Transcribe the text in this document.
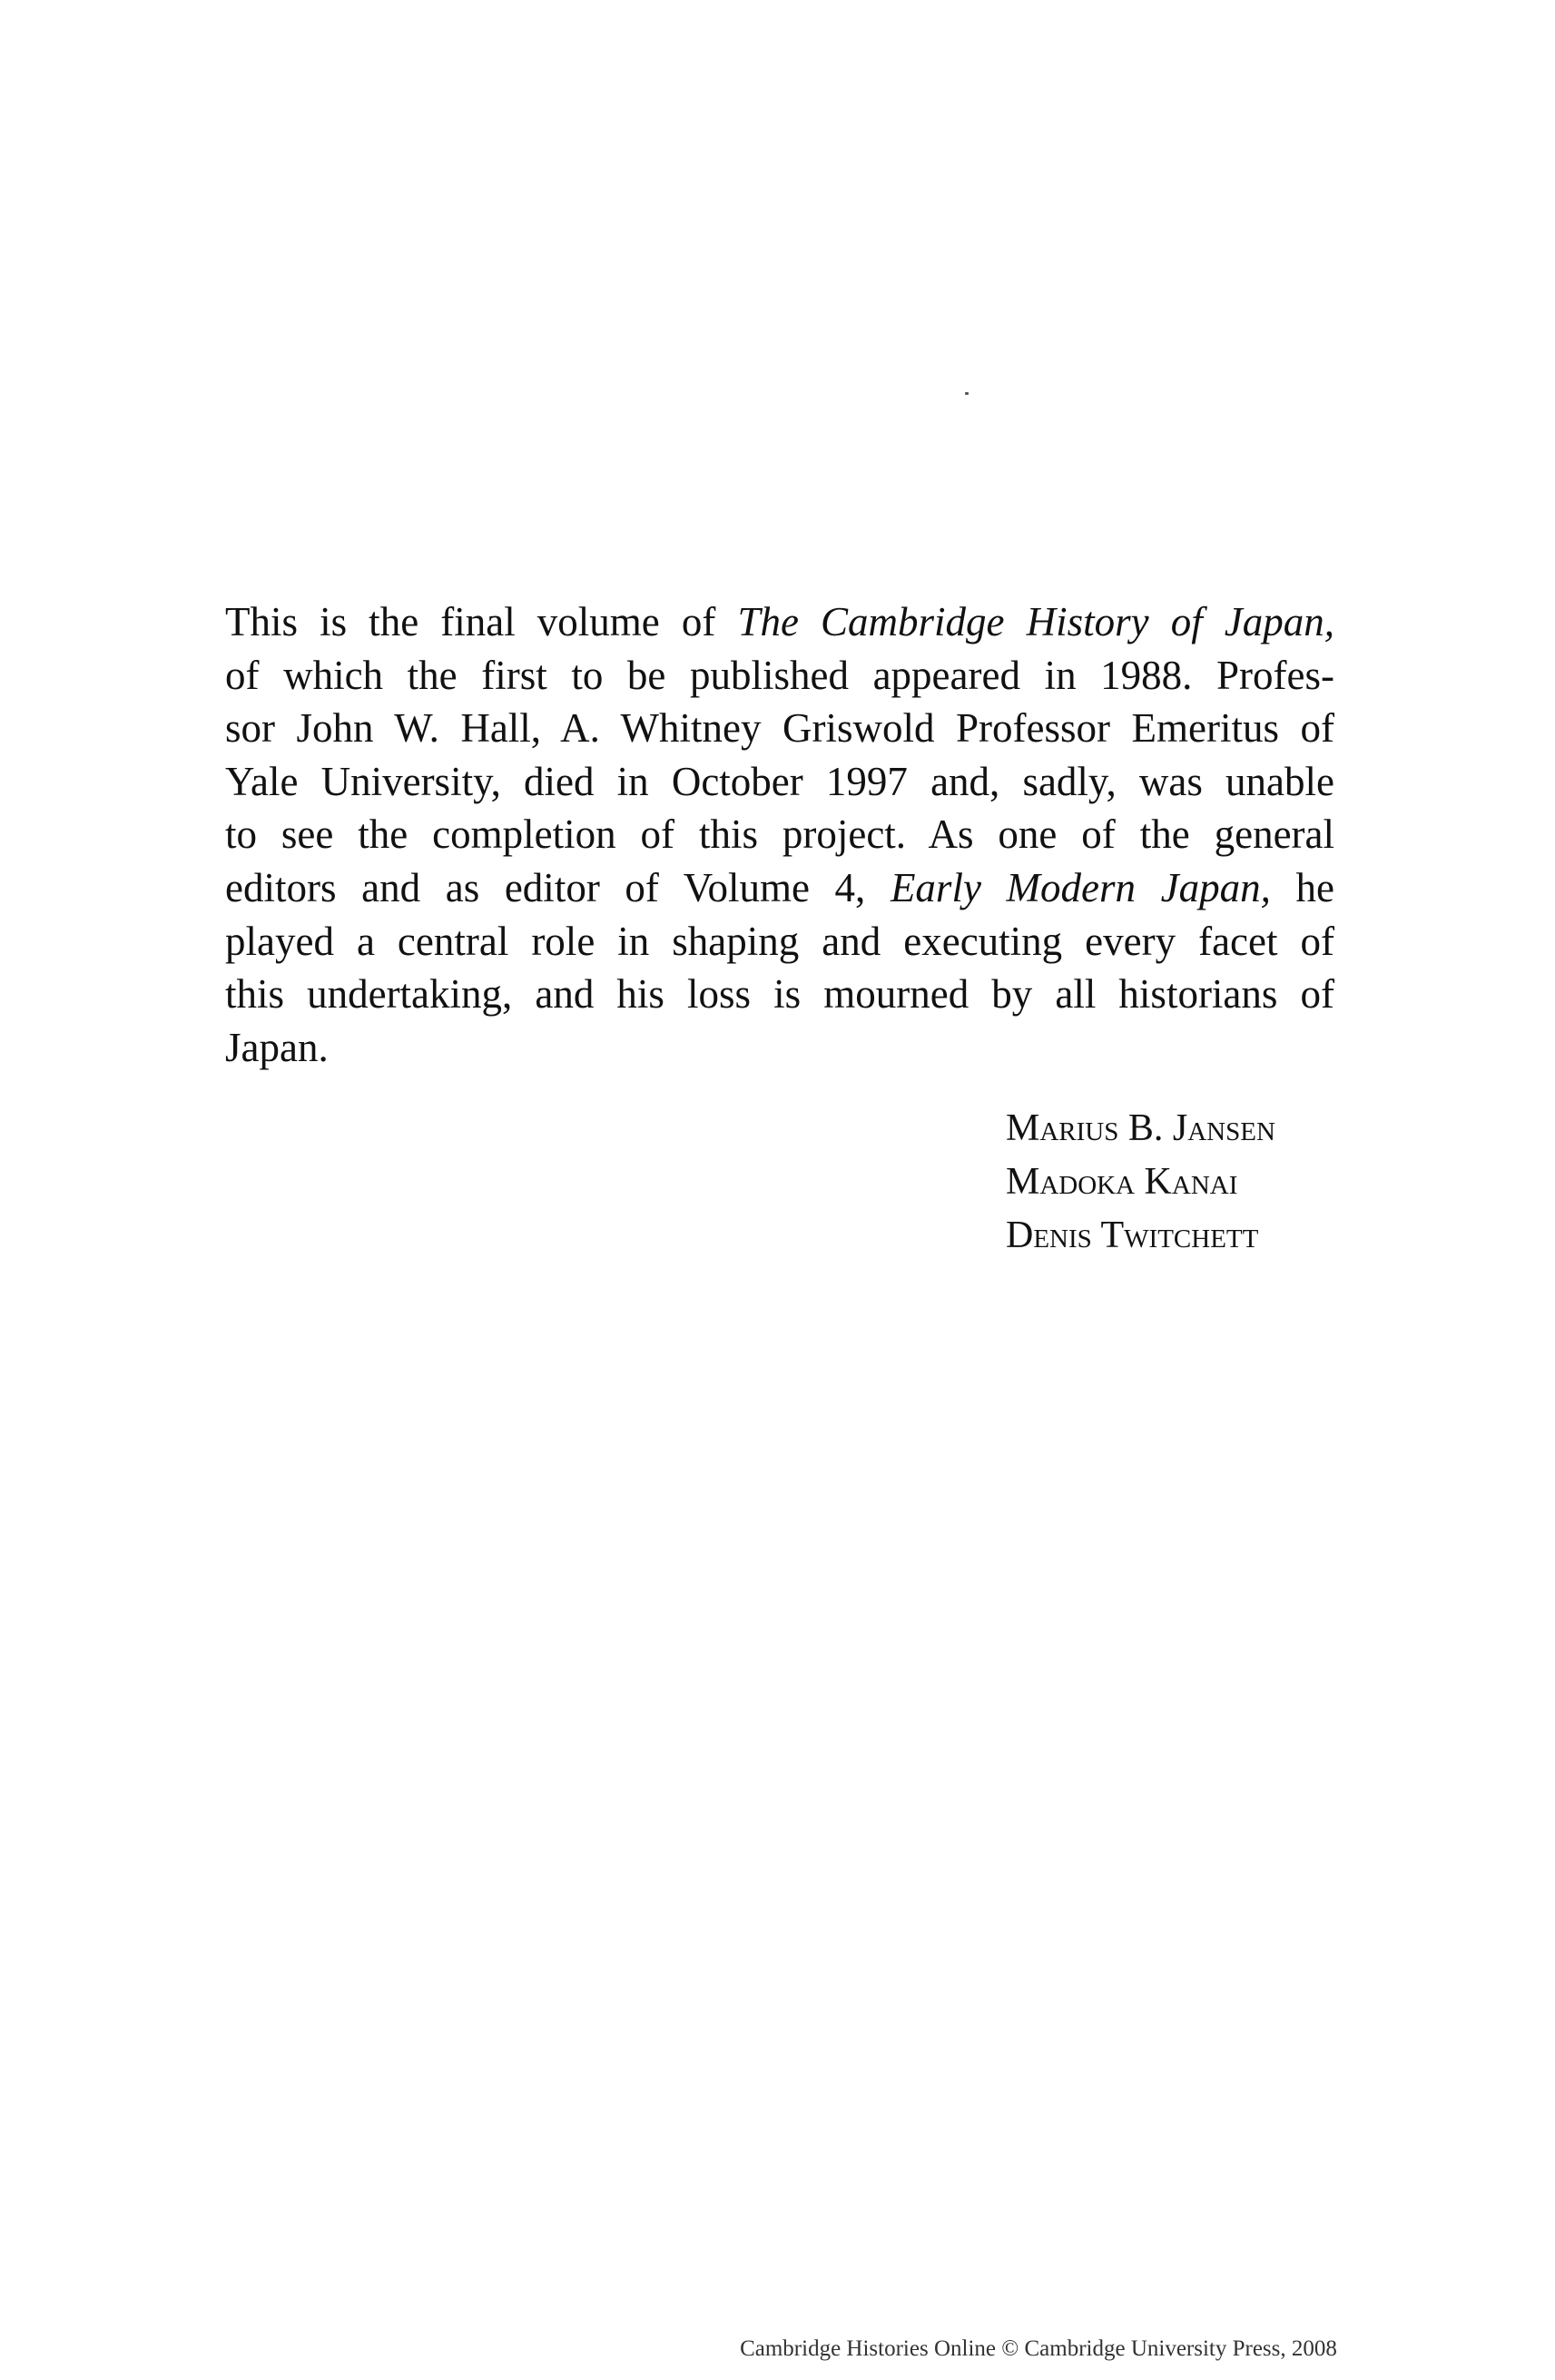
This is the final volume of The Cambridge History of Japan,
of which the first to be published appeared in 1988. Profes-
sor John W. Hall, A. Whitney Griswold Professor Emeritus of
Yale University, died in October 1997 and, sadly, was unable
to see the completion of this project. As one of the general
editors and as editor of Volume 4, Early Modern Japan, he
played a central role in shaping and executing every facet of
this undertaking, and his loss is mourned by all historians of
Japan.
Marius B. Jansen
Madoka Kanai
Denis Twitchett
Cambridge Histories Online © Cambridge University Press, 2008
